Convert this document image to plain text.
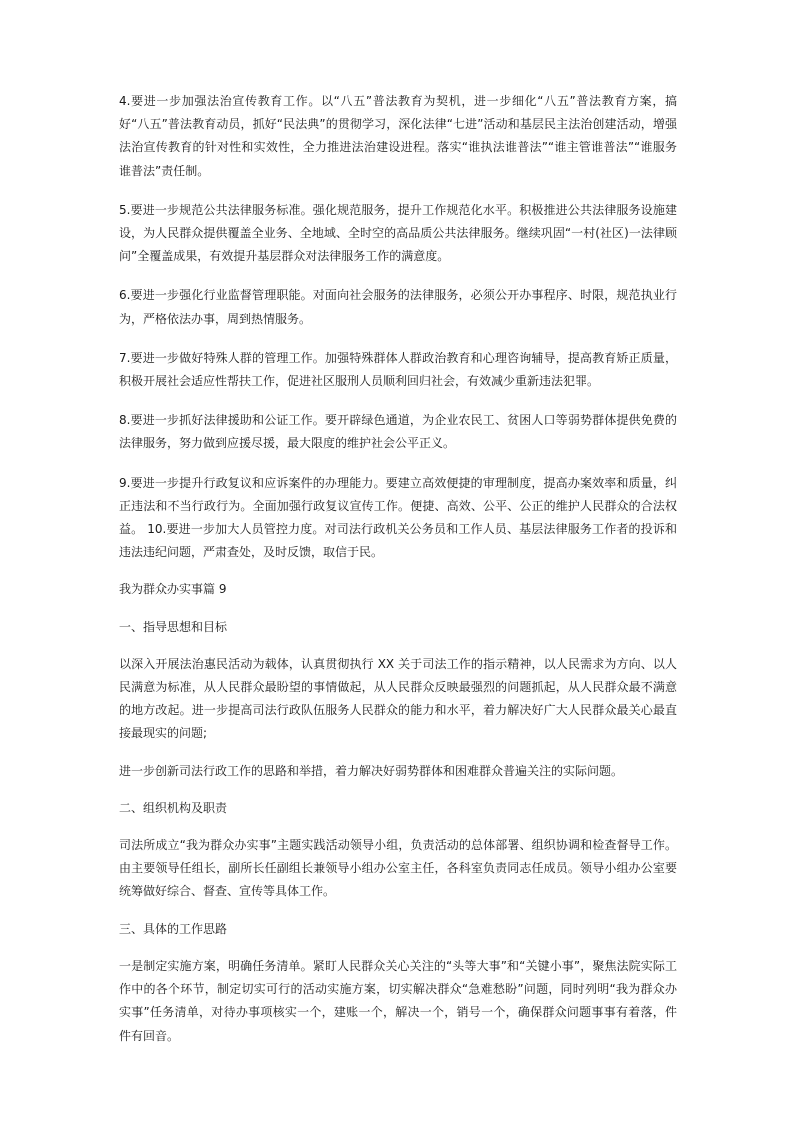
4.要进一步加强法治宣传教育工作。以“八五”普法教育为契机，进一步细化“八五”普法教育方案，搞好“八五”普法教育动员，抓好“民法典”的贯彻学习，深化法律“七进”活动和基层民主法治创建活动，增强法治宣传教育的针对性和实效性，全力推进法治建设进程。落实“谁执法谁普法”“谁主管谁普法”“谁服务谁普法”责任制。

5.要进一步规范公共法律服务标准。强化规范服务，提升工作规范化水平。积极推进公共法律服务设施建设，为人民群众提供覆盖全业务、全地域、全时空的高品质公共法律服务。继续巩固“一村(社区)一法律顾问”全覆盖成果，有效提升基层群众对法律服务工作的满意度。

6.要进一步强化行业监督管理职能。对面向社会服务的法律服务，必须公开办事程序、时限，规范执业行为，严格依法办事，周到热情服务。

7.要进一步做好特殊人群的管理工作。加强特殊群体人群政治教育和心理咨询辅导，提高教育矫正质量，积极开展社会适应性帮扶工作，促进社区服刑人员顺利回归社会，有效减少重新违法犯罪。

8.要进一步抓好法律援助和公证工作。要开辟绿色通道，为企业农民工、贫困人口等弱势群体提供免费的法律服务，努力做到应援尽援，最大限度的维护社会公平正义。

9.要进一步提升行政复议和应诉案件的办理能力。要建立高效便捷的审理制度，提高办案效率和质量，纠正违法和不当行政行为。全面加强行政复议宣传工作。便捷、高效、公平、公正的维护人民群众的合法权益。 10.要进一步加大人员管控力度。对司法行政机关公务员和工作人员、基层法律服务工作者的投诉和违法违纪问题，严肃查处，及时反馈，取信于民。

我为群众办实事篇 9

一、指导思想和目标

以深入开展法治惠民活动为载体，认真贯彻执行 XX 关于司法工作的指示精神，以人民需求为方向、以人民满意为标准，从人民群众最盼望的事情做起，从人民群众反映最强烈的问题抓起，从人民群众最不满意的地方改起。进一步提高司法行政队伍服务人民群众的能力和水平，着力解决好广大人民群众最关心最直接最现实的问题;

进一步创新司法行政工作的思路和举措，着力解决好弱势群体和困难群众普遍关注的实际问题。

二、组织机构及职责

司法所成立“我为群众办实事”主题实践活动领导小组，负责活动的总体部署、组织协调和检查督导工作。由主要领导任组长，副所长任副组长兼领导小组办公室主任，各科室负责同志任成员。领导小组办公室要统筹做好综合、督查、宣传等具体工作。

三、具体的工作思路

一是制定实施方案，明确任务清单。紧盯人民群众关心关注的“头等大事”和“关键小事”，聚焦法院实际工作中的各个环节，制定切实可行的活动实施方案，切实解决群众“急难愁盼”问题，同时列明“我为群众办实事”任务清单，对待办事项核实一个，建账一个，解决一个，销号一个，确保群众问题事事有着落，件件有回音。
